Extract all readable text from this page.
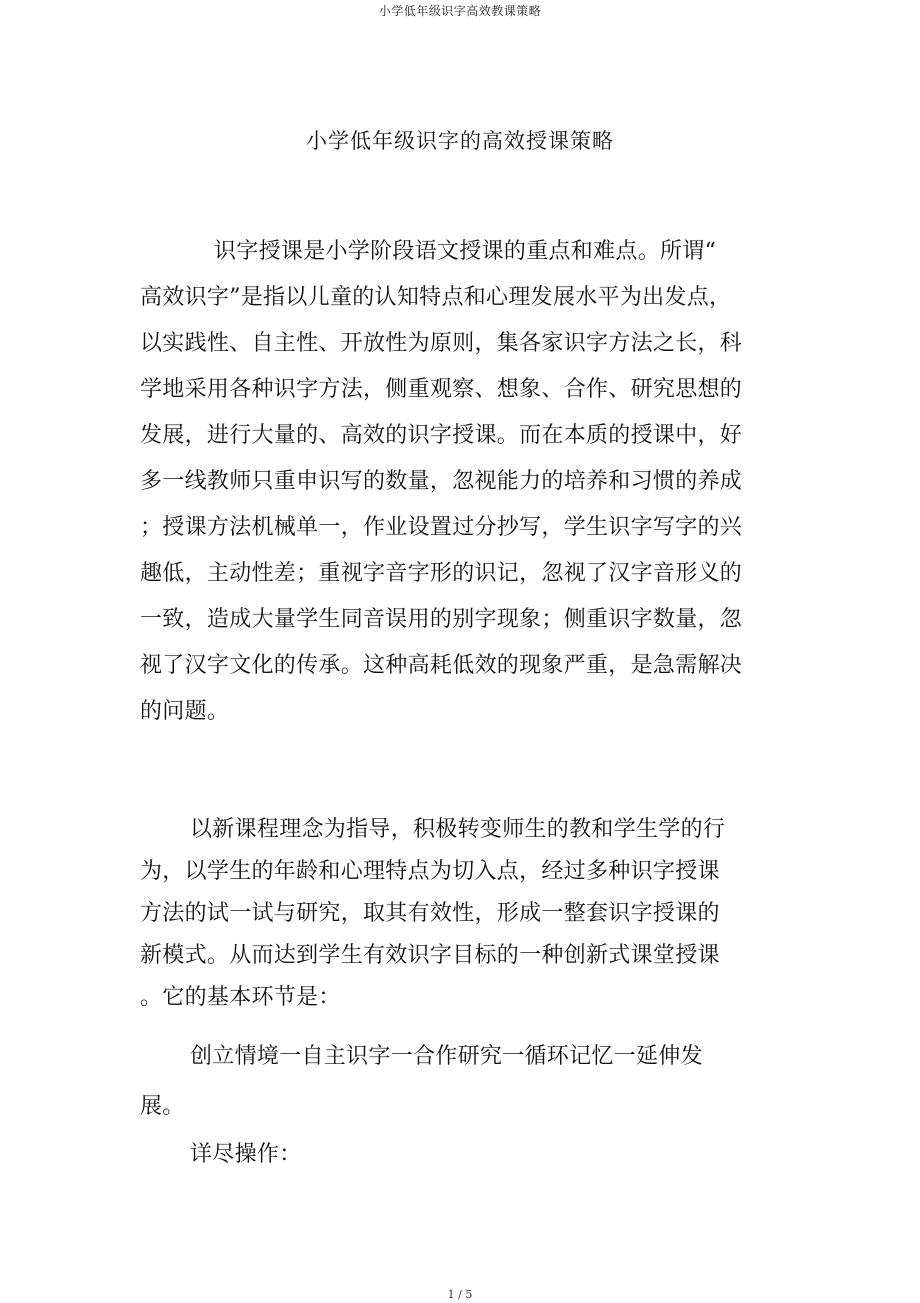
小学低年级识字高效教课策略
小学低年级识字的高效授课策略

识字授课是小学阶段语文授课的重点和难点。所谓“

高效识字”是指以儿童的认知特点和心理发展水平为出发点，

以实践性、自主性、开放性为原则，集各家识字方法之长，科

学地采用各种识字方法，侧重观察、想象、合作、研究思想的

发展，进行大量的、高效的识字授课。而在本质的授课中，好

多一线教师只重申识写的数量，忽视能力的培养和习惯的养成

；授课方法机械单一，作业设置过分抄写，学生识字写字的兴

趣低，主动性差；重视字音字形的识记，忽视了汉字音形义的

一致，造成大量学生同音误用的别字现象；侧重识字数量，忽

视了汉字文化的传承。这种高耗低效的现象严重，是急需解决

的问题。

以新课程理念为指导，积极转变师生的教和学生学的行

为，以学生的年龄和心理特点为切入点，经过多种识字授课

方法的试一试与研究，取其有效性，形成一整套识字授课的

新模式。从而达到学生有效识字目标的一种创新式课堂授课

。它的基本环节是：

创立情境一自主识字一合作研究一循环记忆一延伸发

展。

详尽操作：

1 / 5
